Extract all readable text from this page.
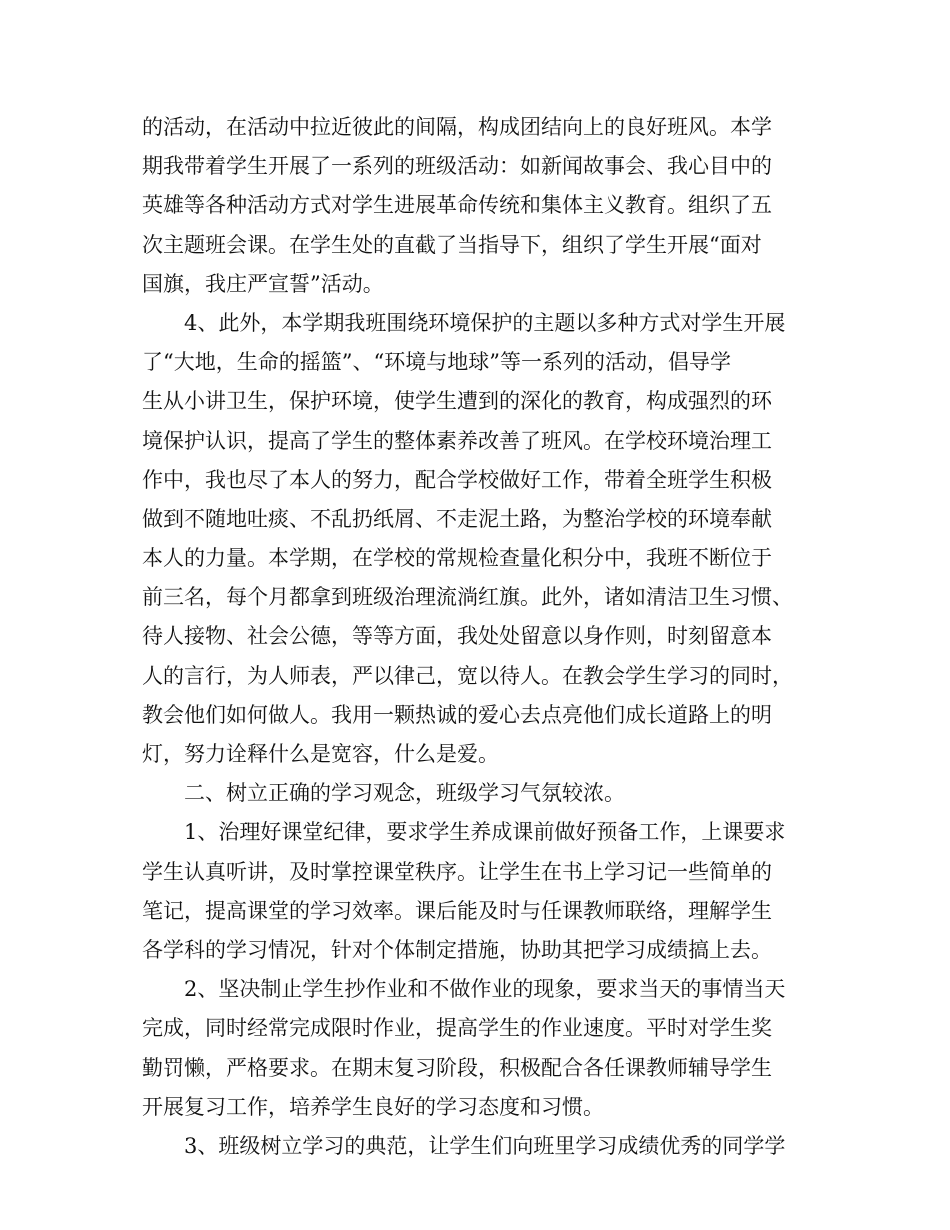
的活动，在活动中拉近彼此的间隔，构成团结向上的良好班风。本学
期我带着学生开展了一系列的班级活动：如新闻故事会、我心目中的
英雄等各种活动方式对学生进展革命传统和集体主义教育。组织了五
次主题班会课。在学生处的直截了当指导下，组织了学生开展“面对
国旗，我庄严宣誓”活动。
4、此外，本学期我班围绕环境保护的主题以多种方式对学生开展
了“大地，生命的摇篮”、“环境与地球”等一系列的活动，倡导学
生从小讲卫生，保护环境，使学生遭到的深化的教育，构成强烈的环
境保护认识，提高了学生的整体素养改善了班风。在学校环境治理工
作中，我也尽了本人的努力，配合学校做好工作，带着全班学生积极
做到不随地吐痰、不乱扔纸屑、不走泥土路，为整治学校的环境奉献
本人的力量。本学期，在学校的常规检查量化积分中，我班不断位于
前三名，每个月都拿到班级治理流淌红旗。此外，诸如清洁卫生习惯、
待人接物、社会公德，等等方面，我处处留意以身作则，时刻留意本
人的言行，为人师表，严以律己，宽以待人。在教会学生学习的同时，
教会他们如何做人。我用一颗热诚的爱心去点亮他们成长道路上的明
灯，努力诠释什么是宽容，什么是爱。
二、树立正确的学习观念，班级学习气氛较浓。
1、治理好课堂纪律，要求学生养成课前做好预备工作，上课要求
学生认真听讲，及时掌控课堂秩序。让学生在书上学习记一些简单的
笔记，提高课堂的学习效率。课后能及时与任课教师联络，理解学生
各学科的学习情况，针对个体制定措施，协助其把学习成绩搞上去。
2、坚决制止学生抄作业和不做作业的现象，要求当天的事情当天
完成，同时经常完成限时作业，提高学生的作业速度。平时对学生奖
勤罚懒，严格要求。在期末复习阶段，积极配合各任课教师辅导学生
开展复习工作，培养学生良好的学习态度和习惯。
3、班级树立学习的典范，让学生们向班里学习成绩优秀的同学学
